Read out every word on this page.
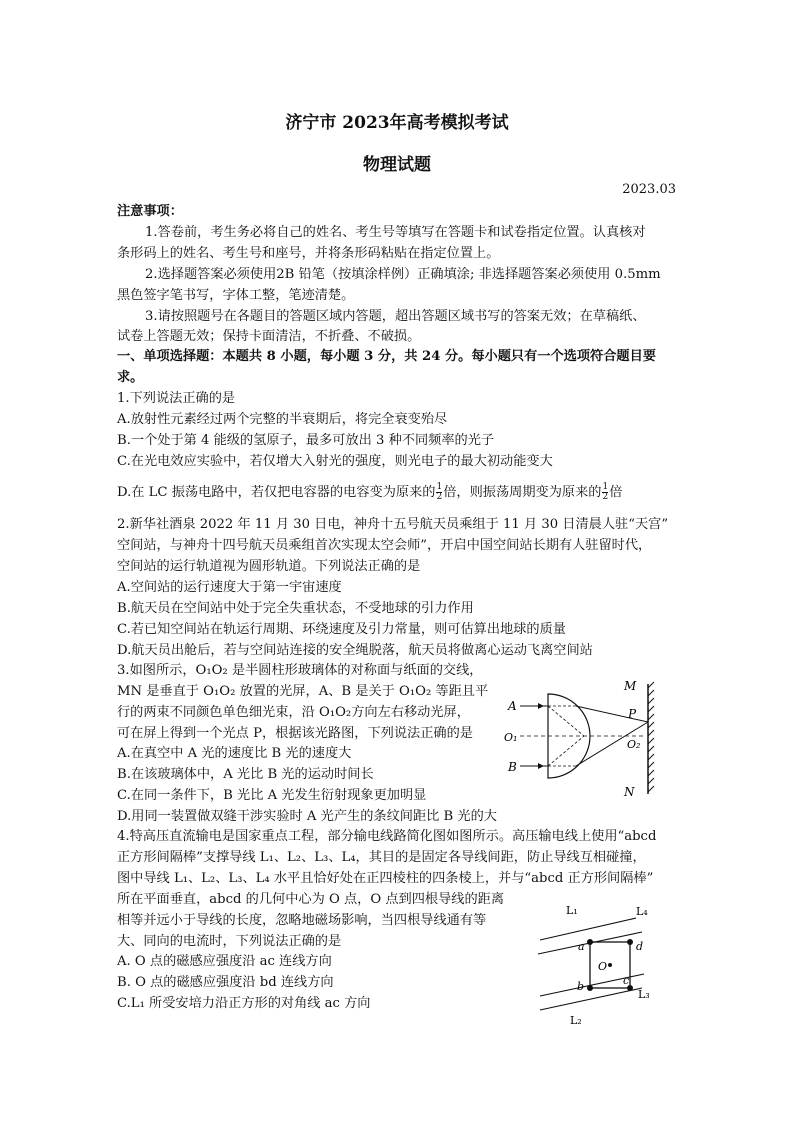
济宁市 2023年高考模拟考试
物理试题
2023.03
注意事项：
1.答卷前，考生务必将自己的姓名、考生号等填写在答题卡和试卷指定位置。认真核对
条形码上的姓名、考生号和座号，并将条形码粘贴在指定位置上。
2.选择题答案必须使用2B 铅笔（按填涂样例）正确填涂; 非选择题答案必须使用 0.5mm
黑色签字笔书写，字体工整，笔迹清楚。
3.请按照题号在各题目的答题区域内答题，超出答题区域书写的答案无效；在草稿纸、
试卷上答题无效；保持卡面清洁，不折叠、不破损。
一、单项选择题：本题共 8 小题，每小题 3 分，共 24 分。每小题只有一个选项符合题目要
求。
1.下列说法正确的是
A.放射性元素经过两个完整的半衰期后，将完全衰变殆尽
B.一个处于第 4 能级的氢原子，最多可放出 3 种不同频率的光子
C.在光电效应实验中，若仅增大入射光的强度，则光电子的最大初动能变大
D.在 LC 振荡电路中，若仅把电容器的电容变为原来的 $\frac{1}{2}$ 倍，则振荡周期变为原来的 $\frac{1}{2}$ 倍
2.新华社酒泉 2022 年 11 月 30 日电，神舟十五号航天员乘组于 11 月 30 日清晨人驻“天宫”
空间站，与神舟十四号航天员乘组首次实现太空会师”，开启中国空间站长期有人驻留时代，
空间站的运行轨道视为圆形轨道。下列说法正确的是
A.空间站的运行速度大于第一宇宙速度
B.航天员在空间站中处于完全失重状态，不受地球的引力作用
C.若已知空间站在轨运行周期、环绕速度及引力常量，则可估算出地球的质量
D.航天员出舱后，若与空间站连接的安全绳脱落，航天员将做离心运动飞离空间站
3.如图所示，O₁O₂ 是半圆柱形玻璃体的对称面与纸面的交线，
MN 是垂直于 O₁O₂ 放置的光屏，A、B 是关于 O₁O₂ 等距且平
行的两束不同颜色单色细光束，沿 O₁O₂方向左右移动光屏，
可在屏上得到一个光点 P，根据该光路图，下列说法正确的是
A.在真空中 A 光的速度比 B 光的速度大
B.在该玻璃体中，A 光比 B 光的运动时间长
C.在同一条件下，B 光比 A 光发生衍射现象更加明显
D.用同一装置做双缝干涉实验时 A 光产生的条纹间距比 B 光的大
M
N
A
B
P
O₁
O₂
4.特高压直流输电是国家重点工程，部分输电线路简化图如图所示。高压输电线上使用“abcd
正方形间隔棒”支撑导线 L₁、L₂、L₃、L₄，其目的是固定各导线间距，防止导线互相碰撞，
图中导线 L₁、L₂、L₃、L₄ 水平且恰好处在正四棱柱的四条棱上，并与“abcd 正方形间隔棒”
所在平面垂直，abcd 的几何中心为 O 点，O 点到四根导线的距离
相等并远小于导线的长度，忽略地磁场影响，当四根导线通有等
大、同向的电流时，下列说法正确的是
A. O 点的磁感应强度沿 ac 连线方向
B. O 点的磁感应强度沿 bd 连线方向
C.L₁ 所受安培力沿正方形的对角线 ac 方向
L₁	L₄
L₃
L₂
a	d
b	c
O
